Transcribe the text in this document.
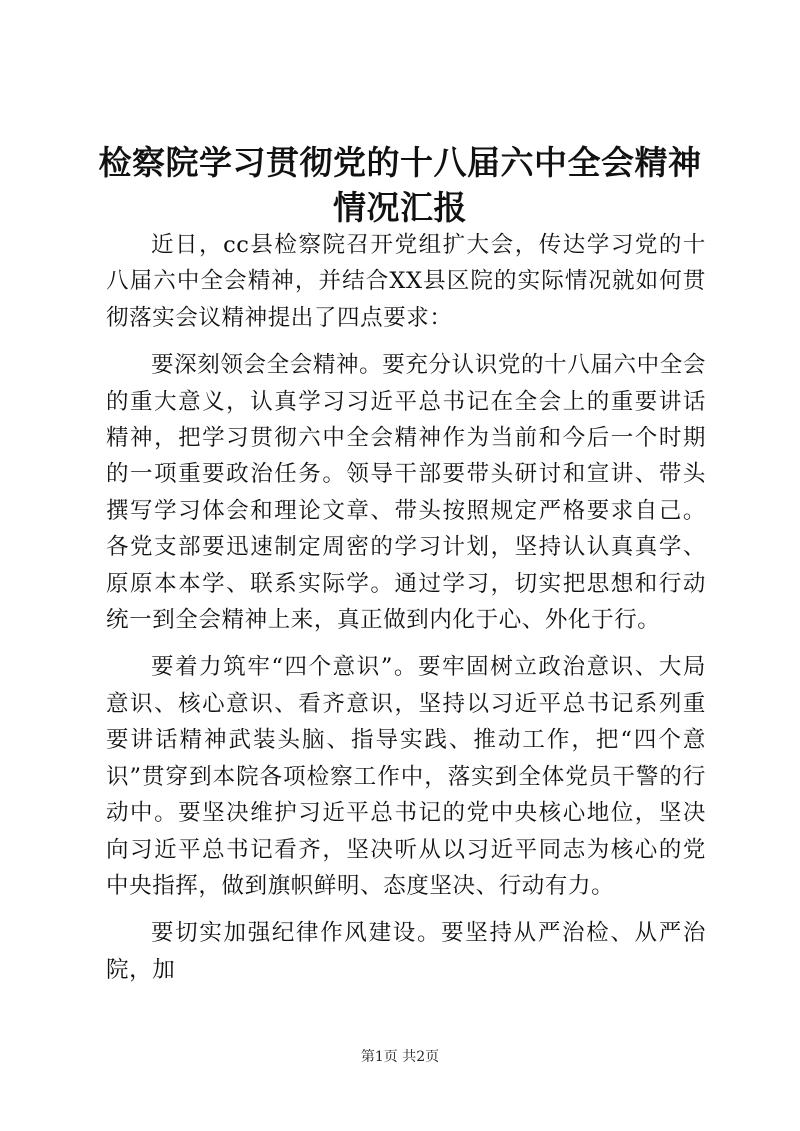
检察院学习贯彻党的十八届六中全会精神情况汇报

近日，cc县检察院召开党组扩大会，传达学习党的十八届六中全会精神，并结合XX县区院的实际情况就如何贯彻落实会议精神提出了四点要求：

要深刻领会全会精神。要充分认识党的十八届六中全会的重大意义，认真学习习近平总书记在全会上的重要讲话精神，把学习贯彻六中全会精神作为当前和今后一个时期的一项重要政治任务。领导干部要带头研讨和宣讲、带头撰写学习体会和理论文章、带头按照规定严格要求自己。各党支部要迅速制定周密的学习计划，坚持认认真真学、原原本本学、联系实际学。通过学习，切实把思想和行动统一到全会精神上来，真正做到内化于心、外化于行。

要着力筑牢“四个意识”。要牢固树立政治意识、大局意识、核心意识、看齐意识，坚持以习近平总书记系列重要讲话精神武装头脑、指导实践、推动工作，把“四个意识”贯穿到本院各项检察工作中，落实到全体党员干警的行动中。要坚决维护习近平总书记的党中央核心地位，坚决向习近平总书记看齐，坚决听从以习近平同志为核心的党中央指挥，做到旗帜鲜明、态度坚决、行动有力。

要切实加强纪律作风建设。要坚持从严治检、从严治院，加

第1页 共2页
